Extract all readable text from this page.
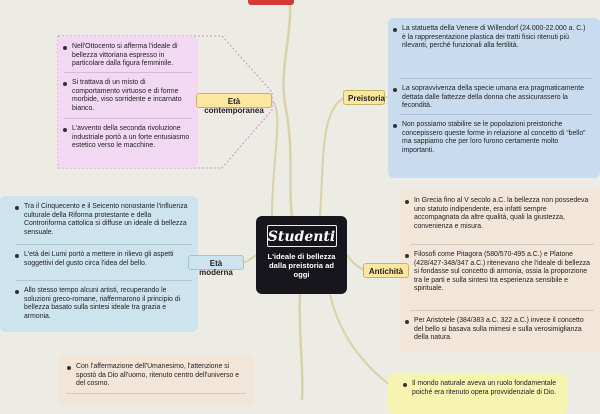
Preistoria
La statuetta della Venere di Willendorf (24.000-22.000 a. C.) è la rappresentazione plastica dei tratti fisici ritenuti più rilevanti, perché funzionali alla fertilità.
La sopravvivenza della specie umana era pragmaticamente dettata dalle fattezze della donna che assicurassero la fecondità.
Non possiamo stabilire se le popolazioni preistoriche concepissero queste forme in relazione al concetto di “bello” ma sappiamo che per loro furono certamente molto importanti.
Nell'Ottocento si afferma l'ideale di bellezza vittoriana espresso in particolare dalla figura femminile.
Si trattava di un misto di comportamento virtuoso e di forme morbide, viso sorridente e incarnato bianco.
L'avvento della seconda rivoluzione industriale portò a un forte entusiasmo estetico verso le macchine.
Età contemporanea
Tra il Cinquecento e il Seicento nonostante l'influenza culturale della Riforma protestante e della Controriforma cattolica si diffuse un ideale di bellezza sensuale.
L'età dei Lumi portò a mettere in rilievo gli aspetti soggettivi del gusto circa l'idea del bello.
Allo stesso tempo alcuni artisti, recuperando le soluzioni greco-romane, riaffermarono il principio di bellezza basato sulla sintesi ideale tra grazia e armonia.
Età moderna
In Grecia fino al V secolo a.C. la bellezza non possedeva uno statuto indipendente, era infatti sempre accompagnata da altre qualità, quali la giustezza, convenienza e misura.
Filosofi come Pitagora (580/570-495 a.C.) e Platone (428/427-348/347 a.C.) ritenevano che l'ideale di bellezza si fondasse sul concetto di armonia, ossia la proporzione tra le parti e sulla sintesi tra esperienza sensibile e spirituale.
Per Aristotele (384/383 a.C. 322 a.C.) invece il concetto del bello si basava sulla mimesi e sulla verosimiglianza della natura.
Antichità
Con l'affermazione dell'Umanesimo, l'attenzione si spostò da Dio all'uomo, ritenuto centro dell'universo e del cosmo.	Il mondo naturale aveva un ruolo fondamentale poiché era ritenuto opera provvidenziale di Dio.
Studenti
L'ideale di bellezza dalla preistoria ad oggi
